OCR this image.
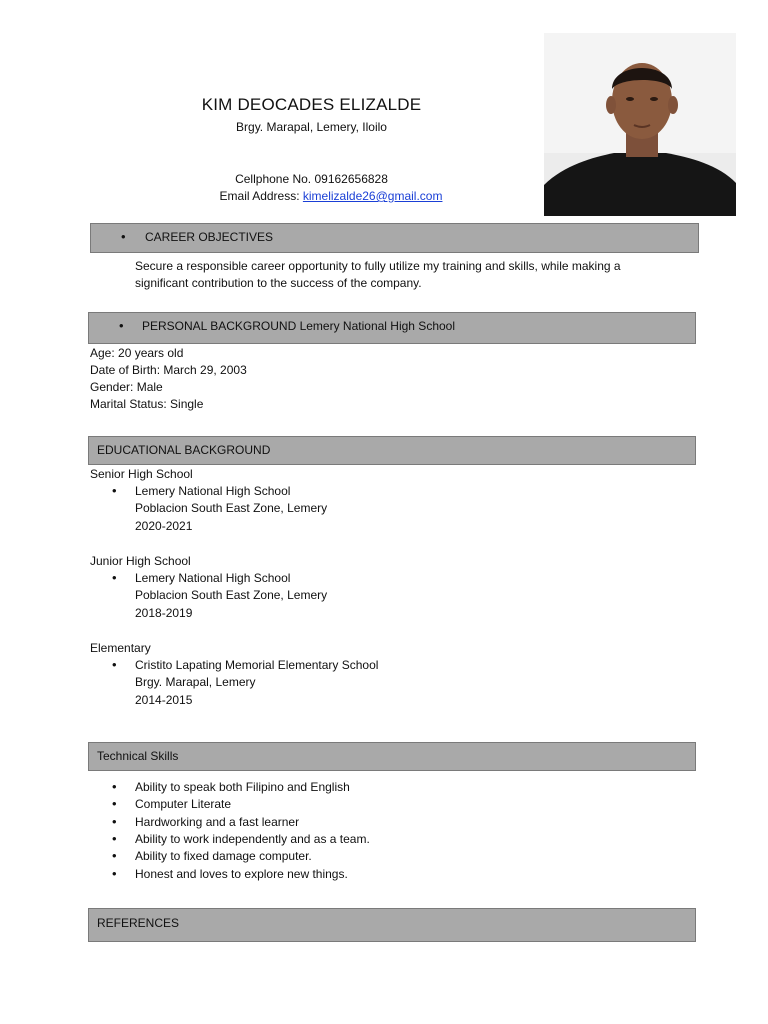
KIM DEOCADES ELIZALDE
Brgy. Marapal, Lemery, Iloilo
Cellphone No. 09162656828
Email Address: kimelizalde26@gmail.com
• CAREER OBJECTIVES
Secure a responsible career opportunity to fully utilize my training and skills, while making a
significant contribution to the success of the company.
• PERSONAL BACKGROUND Lemery National High School
Age: 20 years old
Date of Birth: March 29, 2003
Gender: Male
Marital Status: Single
EDUCATIONAL BACKGROUND
Senior High School
• Lemery National High School
Poblacion South East Zone, Lemery
2020-2021
Junior High School
• Lemery National High School
Poblacion South East Zone, Lemery
2018-2019
Elementary
• Cristito Lapating Memorial Elementary School
Brgy. Marapal, Lemery
2014-2015
Technical Skills
• Ability to speak both Filipino and English
• Computer Literate
• Hardworking and a fast learner
• Ability to work independently and as a team.
• Ability to fixed damage computer.
• Honest and loves to explore new things.
REFERENCES
